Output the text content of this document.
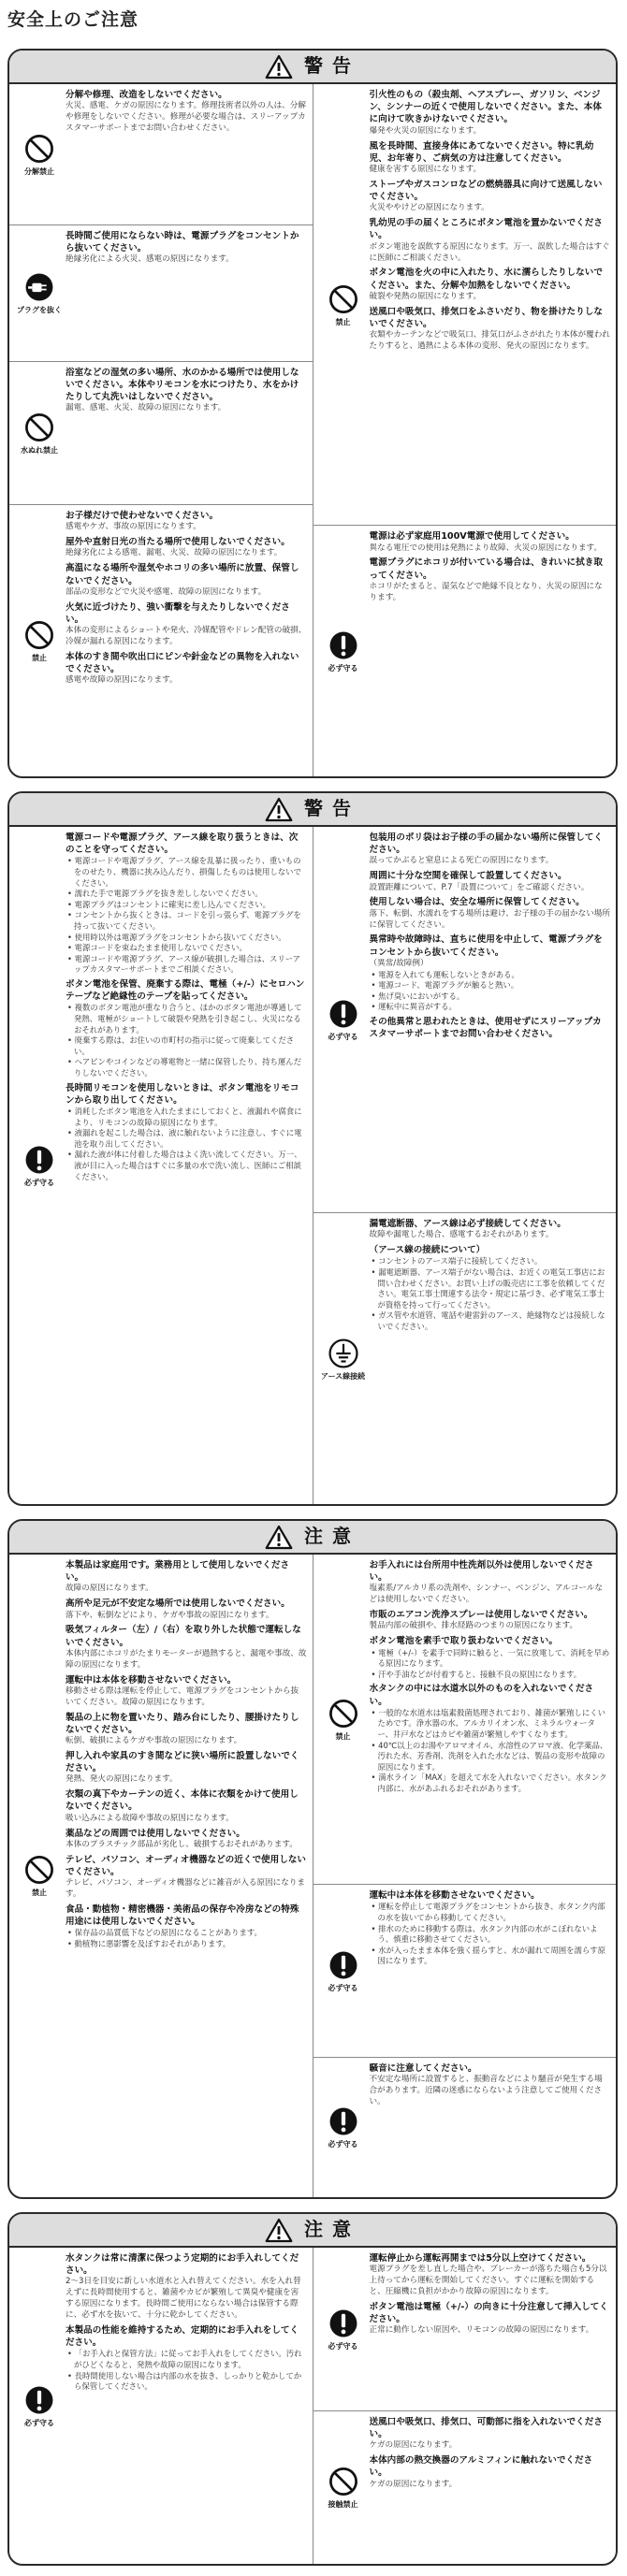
安全上のご注意
警告
分解禁止
分解や修理、改造をしないでください。
火災、感電、ケガの原因になります。修理技術者以外の人は、分解や修理をしないでください。修理が必要な場合は、スリーアップカスタマーサポートまでお問い合わせください。
プラグを抜く
長時間ご使用にならない時は、電源プラグをコンセントから抜いてください。
絶縁劣化による火災、感電の原因になります。
水ぬれ禁止
浴室などの湿気の多い場所、水のかかる場所では使用しないでください。本体やリモコンを水につけたり、水をかけたりして丸洗いはしないでください。
漏電、感電、火災、故障の原因になります。
禁止
お子様だけで使わせないでください。
感電やケガ、事故の原因になります。
屋外や直射日光の当たる場所で使用しないでください。
絶縁劣化による感電、漏電、火災、故障の原因になります。
高温になる場所や湿気やホコリの多い場所に放置、保管しないでください。
部品の変形などで火災や感電、故障の原因になります。
火気に近づけたり、強い衝撃を与えたりしないでください。
本体の変形によるショートや発火、冷媒配管やドレン配管の破損、冷媒が漏れる原因になります。
本体のすき間や吹出口にピンや針金などの異物を入れないでください。
感電や故障の原因になります。
禁止
引火性のもの（殺虫剤、ヘアスプレー、ガソリン、ベンジン、シンナーの近くで使用しないでください。また、本体に向けて吹きかけないでください。
爆発や火災の原因になります。
風を長時間、直接身体にあてないでください。特に乳幼児、お年寄り、ご病気の方は注意してください。
健康を害する原因になります。
ストーブやガスコンロなどの燃焼器具に向けて送風しないでください。
火災ややけどの原因になります。
乳幼児の手の届くところにボタン電池を置かないでください。
ボタン電池を誤飲する原因になります。万一、誤飲した場合はすぐに医師にご相談ください。
ボタン電池を火の中に入れたり、水に濡らしたりしないでください。また、分解や加熱をしないでください。
破裂や発熱の原因になります。
送風口や吸気口、排気口をふさいだり、物を掛けたりしないでください。
衣類やカーテンなどで吸気口、排気口がふさがれたり本体が覆われたりすると、過熱による本体の変形、発火の原因になります。
必ず守る
電源は必ず家庭用100V電源で使用してください。
異なる電圧での使用は発熱により故障、火災の原因になります。
電源プラグにホコリが付いている場合は、きれいに拭き取ってください。
ホコリがたまると、湿気などで絶縁不良となり、火災の原因になります。
警告
必ず守る
電源コードや電源プラグ、アース線を取り扱うときは、次のことを守ってください。
• 電源コードや電源プラグ、アース線を乱暴に扱ったり、重いものをのせたり、機器に挟み込んだり、損傷したものは使用しないでください。
• 濡れた手で電源プラグを抜き差ししないでください。
• 電源プラグはコンセントに確実に差し込んでください。
• コンセントから抜くときは、コードを引っ張らず、電源プラグを持って抜いてください。
• 使用時以外は電源プラグをコンセントから抜いてください。
• 電源コードを束ねたまま使用しないでください。
• 電源コードや電源プラグ、アース線が破損した場合は、スリーアップカスタマーサポートまでご相談ください。
ボタン電池を保管、廃棄する際は、電極（+/-）にセロハンテープなど絶縁性のテープを貼ってください。
• 複数のボタン電池が重なり合うと、ほかのボタン電池が導通して発熱、電極がショートして破裂や発熱を引き起こし、火災になるおそれがあります。
• 廃棄する際は、お住いの市町村の指示に従って廃棄してください。
• ヘアピンやコインなどの導電物と一緒に保管したり、持ち運んだりしないでください。
長時間リモコンを使用しないときは、ボタン電池をリモコンから取り出してください。
• 消耗したボタン電池を入れたままにしておくと、液漏れや腐食により、リモコンの故障の原因になります。
• 液漏れを起こした場合は、液に触れないように注意し、すぐに電池を取り出してください。
• 漏れた液が体に付着した場合はよく洗い流してください。万一、液が目に入った場合はすぐに多量の水で洗い流し、医師にご相談ください。
必ず守る
包装用のポリ袋はお子様の手の届かない場所に保管してください。
誤ってかぶると窒息による死亡の原因になります。
周囲に十分な空間を確保して設置してください。
設置距離について、P.7「設置について」をご確認ください。
使用しない場合は、安全な場所に保管してください。
落下、転倒、水濡れをする場所は避け、お子様の手の届かない場所に保管してください。
異常時や故障時は、直ちに使用を中止して、電源プラグをコンセントから抜いてください。
（異常/故障例）
• 電源を入れても運転しないときがある。
• 電源コード、電源プラグが触ると熱い。
• 焦げ臭いにおいがする。
• 運転中に異音がする。
その他異常と思われたときは、使用せずにスリーアップカスタマーサポートまでお問い合わせください。
アース線接続
漏電遮断器、アース線は必ず接続してください。
故障や漏電した場合、感電するおそれがあります。
（アース線の接続について）
• コンセントのアース端子に接続してください。
• 漏電遮断器、アース端子がない場合は、お近くの電気工事店にお問い合わせください。お買い上げの販売店に工事を依頼してください。電気工事士関連する法令・規定に基づき、必ず電気工事士が資格を持って行ってください。
• ガス管や水道管、電話や避雷針のアース、絶縁物などは接続しないでください。
注意
禁止
本製品は家庭用です。業務用として使用しないでください。
故障の原因になります。
高所や足元が不安定な場所では使用しないでください。
落下や、転倒などにより、ケガや事故の原因になります。
吸気フィルター（左）/（右）を取り外した状態で運転しないでください。
本体内部にホコリがたまりモーターが過熱すると、漏電や事故、故障の原因になります。
運転中は本体を移動させないでください。
移動させる際は運転を停止して、電源プラグをコンセントから抜いてください。故障の原因になります。
製品の上に物を置いたり、踏み台にしたり、腰掛けたりしないでください。
転倒、破損によるケガや事故の原因になります。
押し入れや家具のすき間などに狭い場所に設置しないでください。
発熱、発火の原因になります。
衣類の真下やカーテンの近く、本体に衣類をかけて使用しないでください。
吸い込みによる故障や事故の原因になります。
薬品などの周囲では使用しないでください。
本体のプラスチック部品が劣化し、破損するおそれがあります。
テレビ、パソコン、オーディオ機器などの近くで使用しないでください。
テレビ、パソコン、オーディオ機器などに雑音が入る原因になります。
食品・動植物・精密機器・美術品の保存や冷房などの特殊用途には使用しないでください。
• 保存品の品質低下などの原因になることがあります。
• 動植物に悪影響を及ぼすおそれがあります。
禁止
お手入れには台所用中性洗剤以外は使用しないでください。
塩素系/アルカリ系の洗剤や、シンナー、ベンジン、アルコールなどは使用しないでください。
市販のエアコン洗浄スプレーは使用しないでください。
製品内部の破損や、排水経路のつまりの原因になります。
ボタン電池を素手で取り扱わないでください。
• 電極（+/-）を素手で同時に触ると、一気に放電して、消耗を早める原因になります。
• 汗や手油などが付着すると、接触不良の原因になります。
水タンクの中には水道水以外のものを入れないでください。
• 一般的な水道水は塩素殺菌処理されており、雑菌が繁殖しにくいためです。浄水器の水、アルカリイオン水、ミネラルウォーター、井戸水などはカビや雑菌が繁殖しやすくなります。
• 40℃以上のお湯やアロマオイル、水溶性のアロマ液、化学薬品、汚れた水、芳香剤、洗剤を入れた水などは、製品の変形や故障の原因になります。
• 満水ライン「MAX」を超えて水を入れないでください。水タンク内部に、水があふれるおそれがあります。
必ず守る
運転中は本体を移動させないでください。
• 運転を停止して電源プラグをコンセントから抜き、水タンク内部の水を抜いてから移動してください。
• 排水のために移動する際は、水タンク内部の水がこぼれないよう、慎重に移動させてください。
• 水が入ったまま本体を強く揺らすと、水が漏れて周囲を濡らす原因になります。
必ず守る
騒音に注意してください。
不安定な場所に設置すると、振動音などにより騒音が発生する場合があります。近隣の迷惑にならないよう注意してご使用ください。
注意
必ず守る
水タンクは常に清潔に保つよう定期的にお手入れしてください。
2～3日を目安に新しい水道水と入れ替えてください。水を入れ替えずに長時間使用すると、雑菌やカビが繁殖して異臭や健康を害する原因になります。長時間ご使用にならない場合は保管する際に、必ず水を抜いて、十分に乾かしてください。
本製品の性能を維持するため、定期的にお手入れをしてください。
• 「お手入れと保管方法」に従ってお手入れをしてください。汚れがひどくなると、発熱や故障の原因になります。
• 長時間使用しない場合は内部の水を抜き、しっかりと乾かしてから保管してください。
必ず守る
運転停止から運転再開までは5分以上空けてください。
電源プラグを差し直した場合や、ブレーカーが落ちた場合も5分以上待ってから運転を開始してください。すぐに運転を開始すると、圧縮機に負担がかかり故障の原因になります。
ボタン電池は電極（+/-）の向きに十分注意して挿入してください。
正常に動作しない原因や、リモコンの故障の原因になります。
接触禁止
送風口や吸気口、排気口、可動部に指を入れないでください。
ケガの原因になります。
本体内部の熱交換器のアルミフィンに触れないでください。
ケガの原因になります。
